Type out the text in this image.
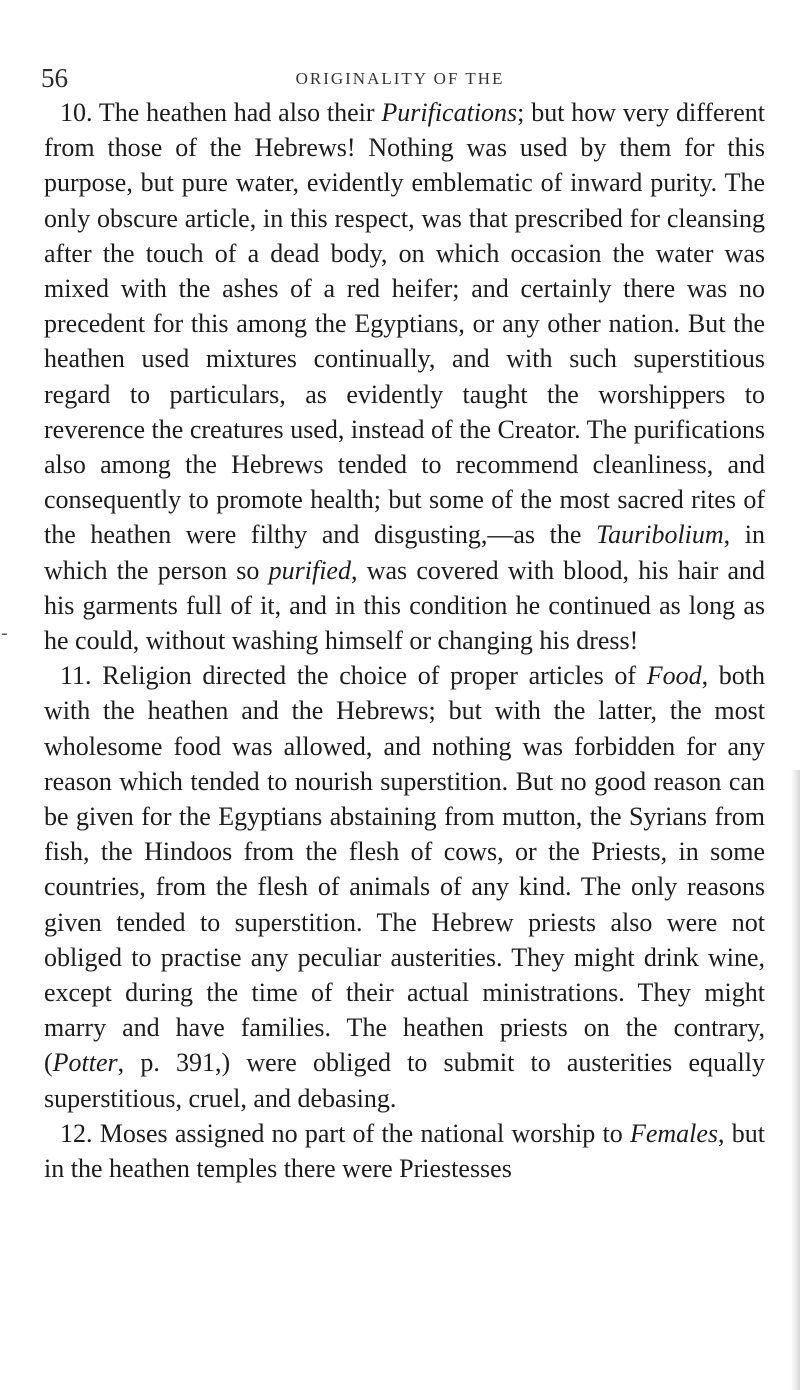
56	ORIGINALITY OF THE

10. The heathen had also their Purifications; but how very different from those of the Hebrews! Nothing was used by them for this purpose, but pure water, evidently emblematic of inward purity. The only obscure article, in this respect, was that prescribed for cleansing after the touch of a dead body, on which occasion the water was mixed with the ashes of a red heifer; and certainly there was no precedent for this among the Egyptians, or any other nation. But the heathen used mixtures continually, and with such superstitious regard to particulars, as evidently taught the worshippers to reverence the creatures used, instead of the Creator. The purifications also among the Hebrews tended to recommend cleanliness, and consequently to promote health; but some of the most sacred rites of the heathen were filthy and disgusting,—as the Tauribolium, in which the person so purified, was covered with blood, his hair and his garments full of it, and in this condition he continued as long as he could, without washing himself or changing his dress!

11. Religion directed the choice of proper articles of Food, both with the heathen and the Hebrews; but with the latter, the most wholesome food was allowed, and nothing was forbidden for any reason which tended to nourish superstition. But no good reason can be given for the Egyptians abstaining from mutton, the Syrians from fish, the Hindoos from the flesh of cows, or the Priests, in some countries, from the flesh of animals of any kind. The only reasons given tended to superstition. The Hebrew priests also were not obliged to practise any peculiar austerities. They might drink wine, except during the time of their actual ministrations. They might marry and have families. The heathen priests on the contrary, (Potter, p. 391,) were obliged to submit to austerities equally superstitious, cruel, and debasing.

12. Moses assigned no part of the national worship to Females, but in the heathen temples there were Priestesses

-
